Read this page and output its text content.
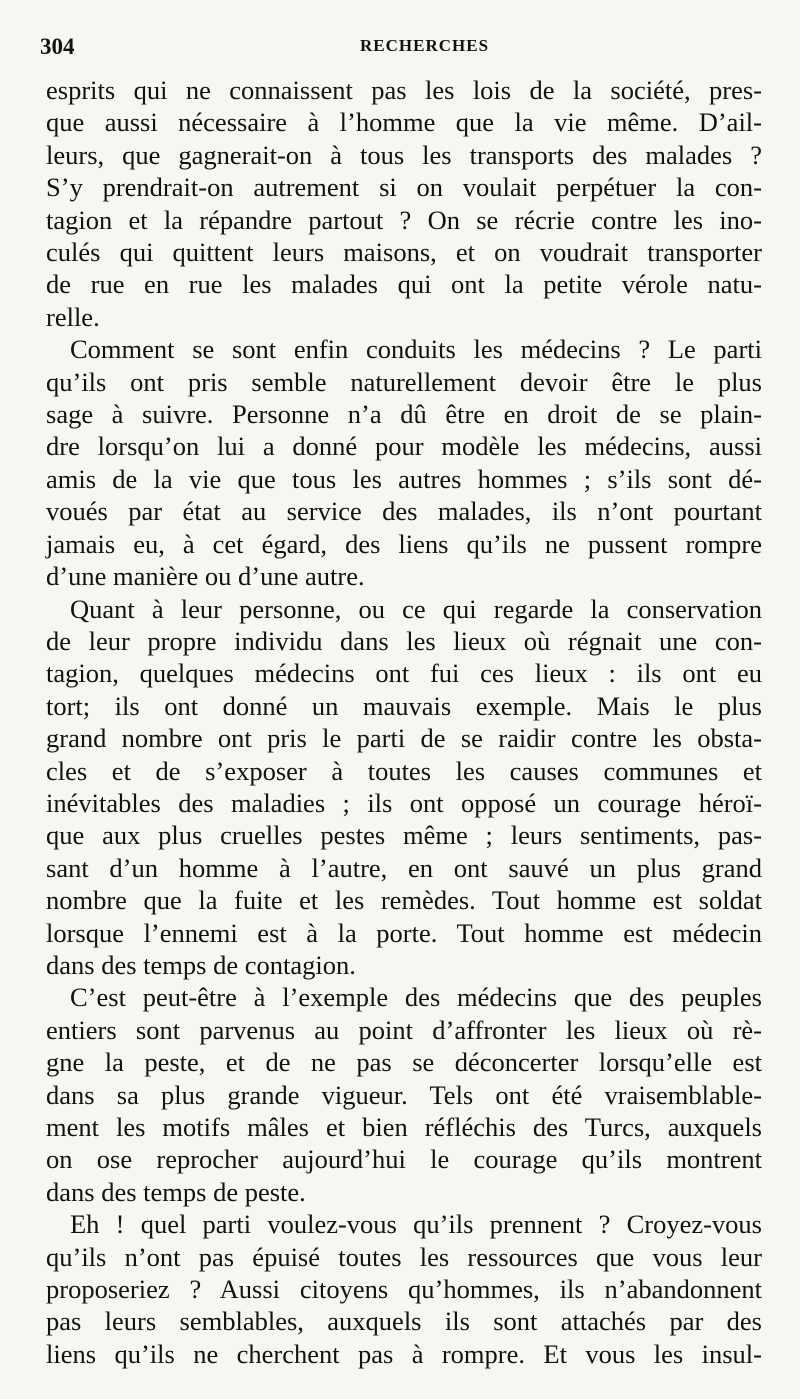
304	RECHERCHES
esprits qui ne connaissent pas les lois de la société, pres-
que aussi nécessaire à l’homme que la vie même. D’ail-
leurs, que gagnerait-on à tous les transports des malades ?
S’y prendrait-on autrement si on voulait perpétuer la con-
tagion et la répandre partout ? On se récrie contre les ino-
culés qui quittent leurs maisons, et on voudrait transporter
de rue en rue les malades qui ont la petite vérole natu-
relle.
Comment se sont enfin conduits les médecins ? Le parti
qu’ils ont pris semble naturellement devoir être le plus
sage à suivre. Personne n’a dû être en droit de se plain-
dre lorsqu’on lui a donné pour modèle les médecins, aussi
amis de la vie que tous les autres hommes ; s’ils sont dé-
voués par état au service des malades, ils n’ont pourtant
jamais eu, à cet égard, des liens qu’ils ne pussent rompre
d’une manière ou d’une autre.
Quant à leur personne, ou ce qui regarde la conservation
de leur propre individu dans les lieux où régnait une con-
tagion, quelques médecins ont fui ces lieux : ils ont eu
tort; ils ont donné un mauvais exemple. Mais le plus
grand nombre ont pris le parti de se raidir contre les obsta-
cles et de s’exposer à toutes les causes communes et
inévitables des maladies ; ils ont opposé un courage héroï-
que aux plus cruelles pestes même ; leurs sentiments, pas-
sant d’un homme à l’autre, en ont sauvé un plus grand
nombre que la fuite et les remèdes. Tout homme est soldat
lorsque l’ennemi est à la porte. Tout homme est médecin
dans des temps de contagion.
C’est peut-être à l’exemple des médecins que des peuples
entiers sont parvenus au point d’affronter les lieux où rè-
gne la peste, et de ne pas se déconcerter lorsqu’elle est
dans sa plus grande vigueur. Tels ont été vraisemblable-
ment les motifs mâles et bien réfléchis des Turcs, auxquels
on ose reprocher aujourd’hui le courage qu’ils montrent
dans des temps de peste.
Eh ! quel parti voulez-vous qu’ils prennent ? Croyez-vous
qu’ils n’ont pas épuisé toutes les ressources que vous leur
proposeriez ? Aussi citoyens qu’hommes, ils n’abandonnent
pas leurs semblables, auxquels ils sont attachés par des
liens qu’ils ne cherchent pas à rompre. Et vous les insul-
